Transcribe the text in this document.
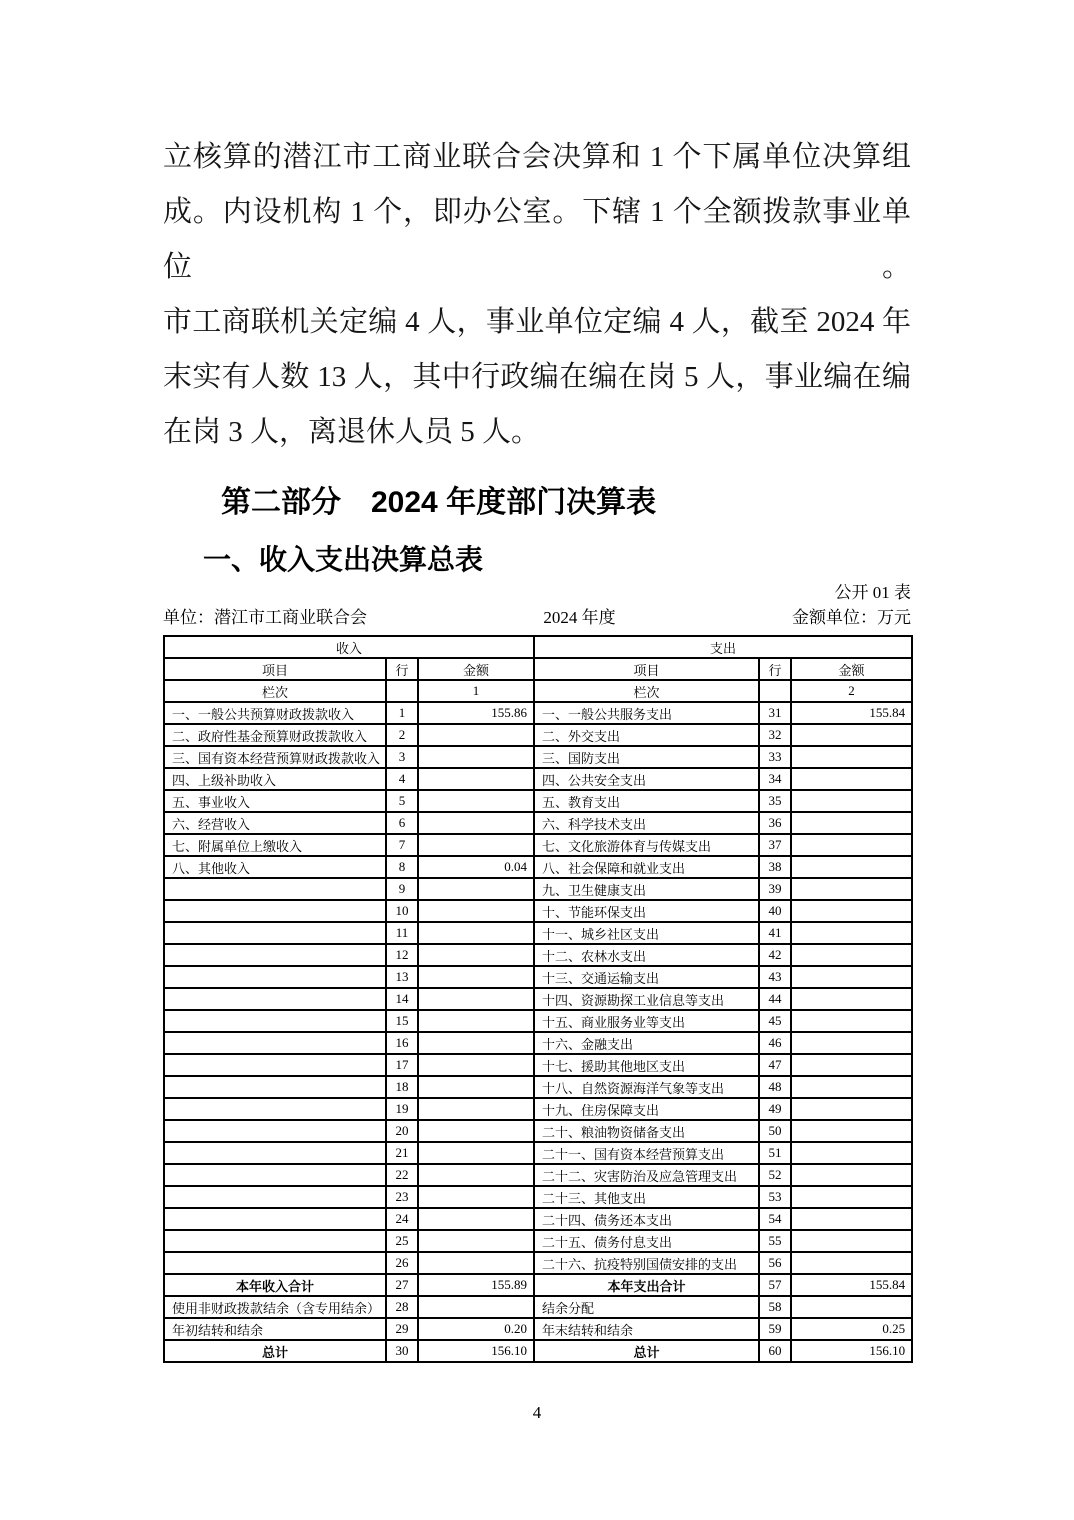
立核算的潜江市工商业联合会决算和 1 个下属单位决算组
成。内设机构 1 个，即办公室。下辖 1 个全额拨款事业单位。
市工商联机关定编 4 人，事业单位定编 4 人，截至 2024 年
末实有人数 13 人，其中行政编在编在岗 5 人，事业编在编
在岗 3 人，离退休人员 5 人。
第二部分　2024 年度部门决算表
一、收入支出决算总表
公开 01 表
单位：潜江市工商业联合会	2024 年度	金额单位：万元
收入			支出		
项目	行	金额	项目	行	金额
栏次		1	栏次		2
一、一般公共预算财政拨款收入	1	155.86	一、一般公共服务支出	31	155.84
二、政府性基金预算财政拨款收入	2		二、外交支出	32	
三、国有资本经营预算财政拨款收入	3		三、国防支出	33	
四、上级补助收入	4		四、公共安全支出	34	
五、事业收入	5		五、教育支出	35	
六、经营收入	6		六、科学技术支出	36	
七、附属单位上缴收入	7		七、文化旅游体育与传媒支出	37	
八、其他收入	8	0.04	八、社会保障和就业支出	38	
	9		九、卫生健康支出	39	
	10		十、节能环保支出	40	
	11		十一、城乡社区支出	41	
	12		十二、农林水支出	42	
	13		十三、交通运输支出	43	
	14		十四、资源勘探工业信息等支出	44	
	15		十五、商业服务业等支出	45	
	16		十六、金融支出	46	
	17		十七、援助其他地区支出	47	
	18		十八、自然资源海洋气象等支出	48	
	19		十九、住房保障支出	49	
	20		二十、粮油物资储备支出	50	
	21		二十一、国有资本经营预算支出	51	
	22		二十二、灾害防治及应急管理支出	52	
	23		二十三、其他支出	53	
	24		二十四、债务还本支出	54	
	25		二十五、债务付息支出	55	
	26		二十六、抗疫特别国债安排的支出	56	
本年收入合计	27	155.89	本年支出合计	57	155.84
使用非财政拨款结余（含专用结余）	28		结余分配	58	
年初结转和结余	29	0.20	年末结转和结余	59	0.25
总计	30	156.10	总计	60	156.10
4
